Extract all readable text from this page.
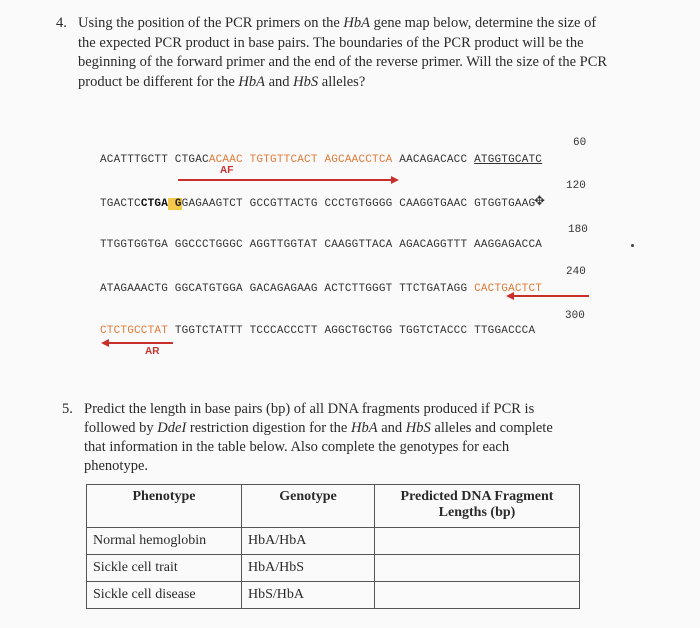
4. Using the position of the PCR primers on the HbA gene map below, determine the size of the expected PCR product in base pairs. The boundaries of the PCR product will be the beginning of the forward primer and the end of the reverse primer. Will the size of the PCR product be different for the HbA and HbS alleles?
60
ACATTTGCTT CTGACACAAC TGTGTTCACT AGCAACCTCA AACAGACACC ATGGTGCATC
AF
120
TGACTCCTGA GGAGAAGTCT GCCGTTACTG CCCTGTGGGG CAAGGTGAAC GTGGTGAAG
✥
180
TTGGTGGTGA GGCCCTGGGC AGGTTGGTAT CAAGGTTACA AGACAGGTTT AAGGAGACCA
240
ATAGAAACTG GGCATGTGGA GACAGAGAAG ACTCTTGGGT TTCTGATAGG CACTGACTCT
300
CTCTGCCTAT TGGTCTATTT TCCCACCCTT AGGCTGCTGG TGGTCTACCC TTGGACCCA
AR
5. Predict the length in base pairs (bp) of all DNA fragments produced if PCR is followed by DdeI restriction digestion for the HbA and HbS alleles and complete that information in the table below. Also complete the genotypes for each phenotype.
Phenotype	Genotype	Predicted DNA Fragment Lengths (bp)
Normal hemoglobin	HbA/HbA	
Sickle cell trait	HbA/HbS	
Sickle cell disease	HbS/HbA	
